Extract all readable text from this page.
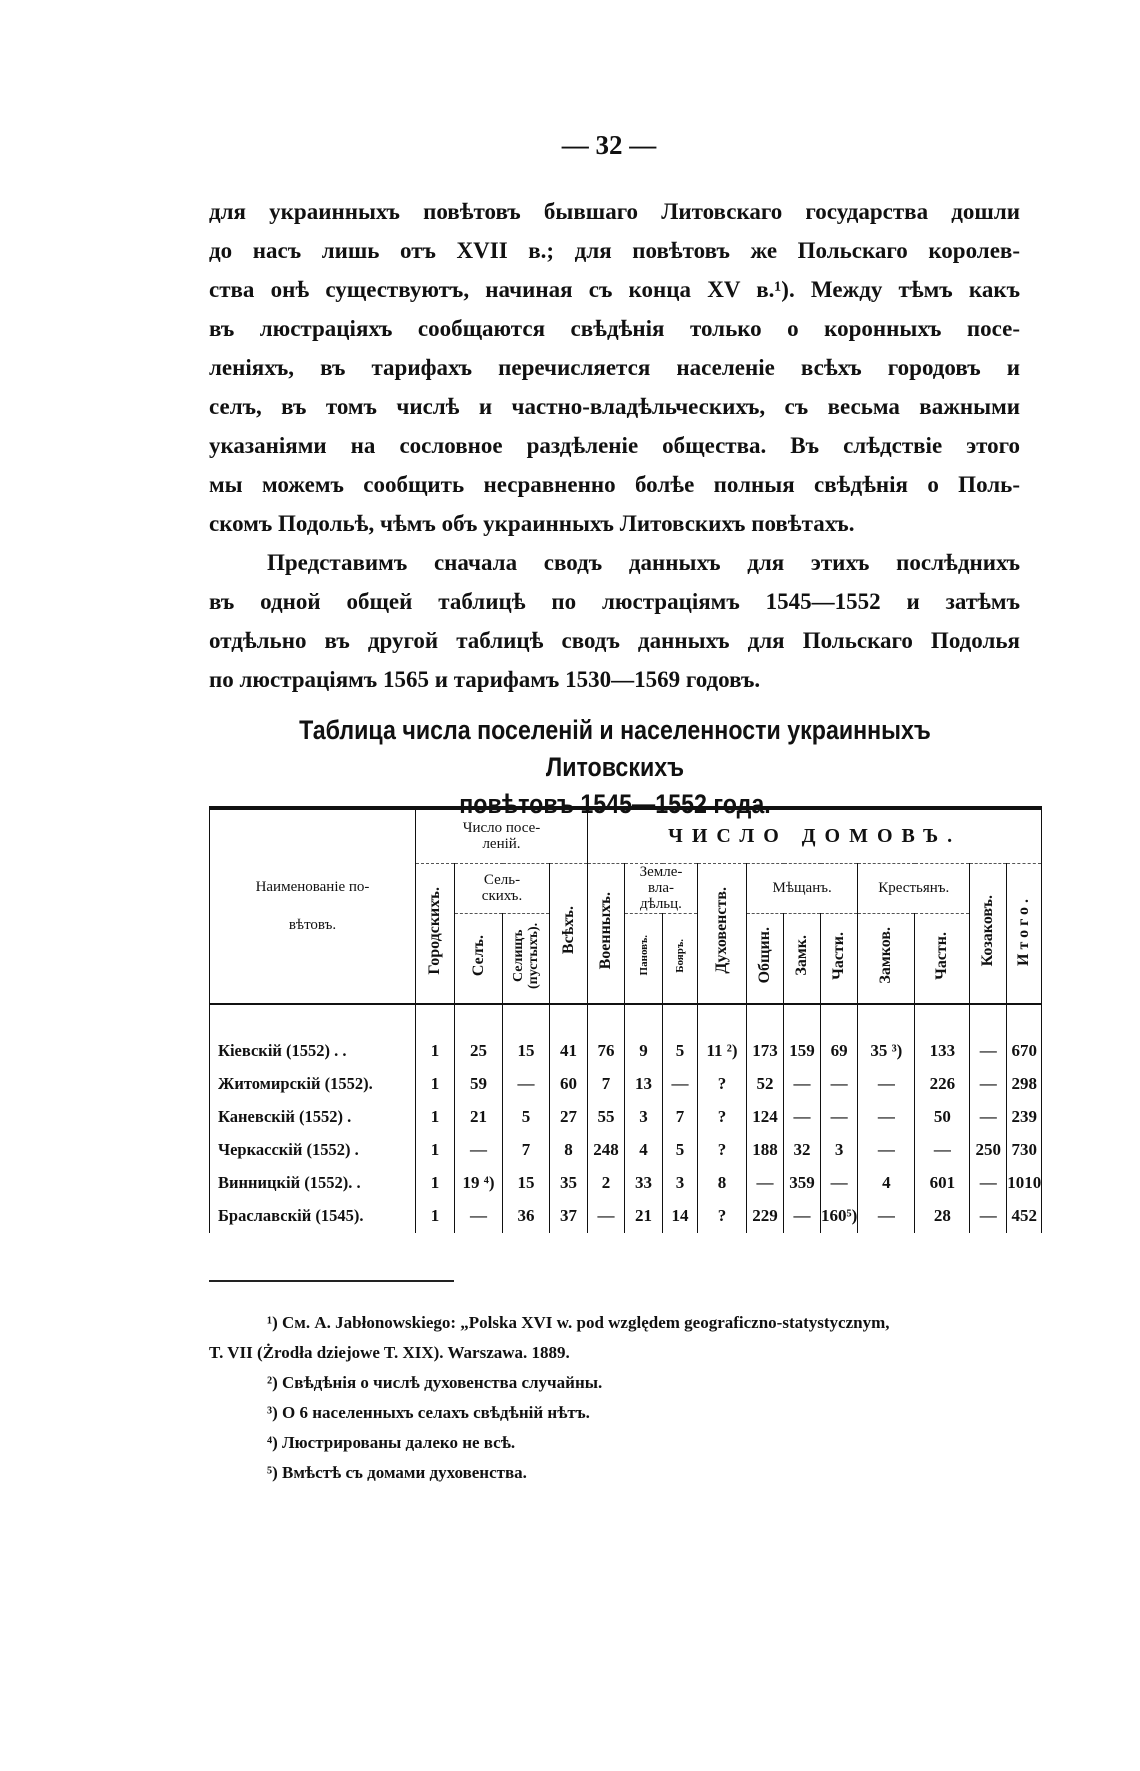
— 32 —
для украинныхъ повѣтовъ бывшаго Литовскаго государства дошли
до насъ лишь отъ XVII в.; для повѣтовъ же Польскаго королев-
ства онѣ существуютъ, начиная съ конца XV в.¹). Между тѣмъ какъ
въ люстраціяхъ сообщаются свѣдѣнія только о коронныхъ посе-
леніяхъ, въ тарифахъ перечисляется населеніе всѣхъ городовъ и
селъ, въ томъ числѣ и частно-владѣльческихъ, съ весьма важными
указаніями на сословное раздѣленіе общества. Въ слѣдствіе этого
мы можемъ сообщить несравненно болѣе полныя свѣдѣнія о Поль-
скомъ Подольѣ, чѣмъ объ украинныхъ Литовскихъ повѣтахъ.
Представимъ сначала сводъ данныхъ для этихъ послѣднихъ
въ одной общей таблицѣ по люстраціямъ 1545—1552 и затѣмъ
отдѣльно въ другой таблицѣ сводъ данныхъ для Польскаго Подолья
по люстраціямъ 1565 и тарифамъ 1530—1569 годовъ.
Таблица числа поселеній и населенности украинныхъ Литовскихъ
повѣтовъ 1545—1552 года.
Наименованіе по-
вѣтовъ.	Число посе-леній.				ЧИСЛО ДОМОВЪ.										
	Городскихъ.	Сель-скихъ.		Всѣхъ.	Военныхъ.	Земле-вла-дѣльц.		Духовенств.	Мѣщанъ.			Крестьянъ.		Козаковъ.	Итого.
		Селъ.	Селищъ (пустыхъ).			Пановъ.	Бояръ.		Общин.	Замк.	Части.	Замков.	Частн.		
Кіевскій (1552) . .	1	25	15	41	76	9	5	11 ²)	173	159	69	35 ³)	133	—	670
Житомирскій (1552).	1	59	—	60	7	13	—	?	52	—	—	—	226	—	298
Каневскій (1552) .	1	21	5	27	55	3	7	?	124	—	—	—	50	—	239
Черкасскій (1552) .	1	—	7	8	248	4	5	?	188	32	3	—	—	250	730
Винницкій (1552). .	1	19 ⁴)	15	35	2	33	3	8	—	359	—	4	601	—	1010
Браславскій (1545).	1	—	36	37	—	21	14	?	229	—	160⁵)	—	28	—	452
¹) См. A. Jabłonowskiego: „Polska XVI w. pod względem geograficzno-statystycznym,
T. VII (Żrodła dziejowe T. XIX). Warszawa. 1889.
²) Свѣдѣнія о числѣ духовенства случайны.
³) О 6 населенныхъ селахъ свѣдѣній нѣтъ.
⁴) Люстрированы далеко не всѣ.
⁵) Вмѣстѣ съ домами духовенства.
